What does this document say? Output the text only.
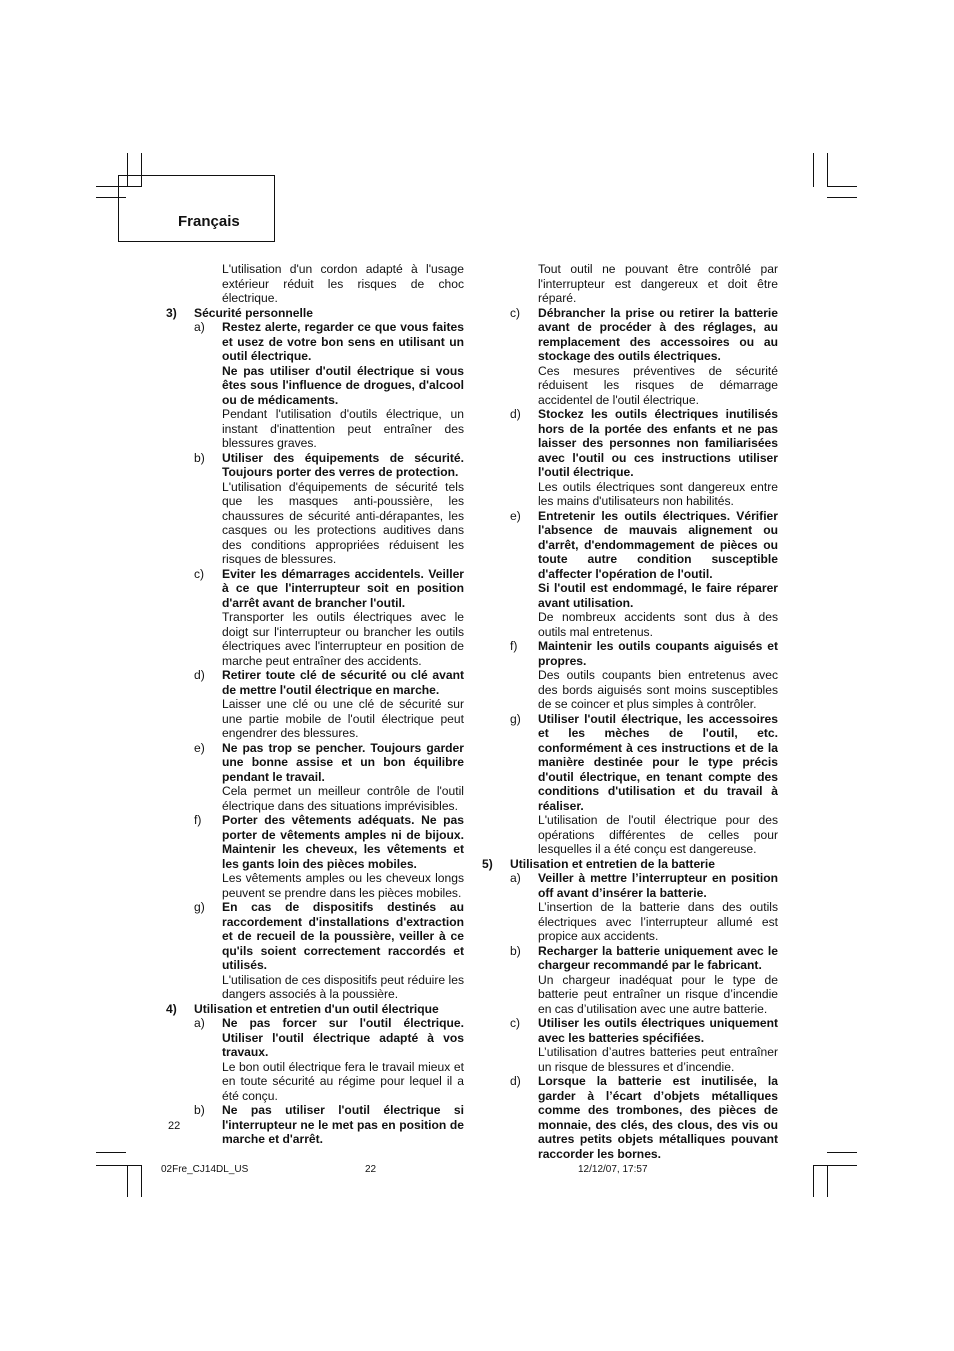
Français
L'utilisation d'un cordon adapté à l'usage extérieur réduit les risques de choc électrique.
3) Sécurité personnelle
a) Restez alerte, regarder ce que vous faites et usez de votre bon sens en utilisant un outil électrique.
Ne pas utiliser d'outil électrique si vous êtes sous l'influence de drogues, d'alcool ou de médicaments.
Pendant l'utilisation d'outils électrique, un instant d'inattention peut entraîner des blessures graves.
b) Utiliser des équipements de sécurité. Toujours porter des verres de protection.
L'utilisation d'équipements de sécurité tels que les masques anti-poussière, les chaussures de sécurité anti-dérapantes, les casques ou les protections auditives dans des conditions appropriées réduisent les risques de blessures.
c) Eviter les démarrages accidentels. Veiller à ce que l'interrupteur soit en position d'arrêt avant de brancher l'outil.
Transporter les outils électriques avec le doigt sur l'interrupteur ou brancher les outils électriques avec l'interrupteur en position de marche peut entraîner des accidents.
d) Retirer toute clé de sécurité ou clé avant de mettre l'outil électrique en marche.
Laisser une clé ou une clé de sécurité sur une partie mobile de l'outil électrique peut engendrer des blessures.
e) Ne pas trop se pencher. Toujours garder une bonne assise et un bon équilibre pendant le travail.
Cela permet un meilleur contrôle de l'outil électrique dans des situations imprévisibles.
f) Porter des vêtements adéquats. Ne pas porter de vêtements amples ni de bijoux. Maintenir les cheveux, les vêtements et les gants loin des pièces mobiles.
Les vêtements amples ou les cheveux longs peuvent se prendre dans les pièces mobiles.
g) En cas de dispositifs destinés au raccordement d'installations d'extraction et de recueil de la poussière, veiller à ce qu'ils soient correctement raccordés et utilisés.
L'utilisation de ces dispositifs peut réduire les dangers associés à la poussière.
4) Utilisation et entretien d'un outil électrique
a) Ne pas forcer sur l'outil électrique. Utiliser l'outil électrique adapté à vos travaux.
Le bon outil électrique fera le travail mieux et en toute sécurité au régime pour lequel il a été conçu.
b) Ne pas utiliser l'outil électrique si l'interrupteur ne le met pas en position de marche et d'arrêt.
Tout outil ne pouvant être contrôlé par l'interrupteur est dangereux et doit être réparé.
c) Débrancher la prise ou retirer la batterie avant de procéder à des réglages, au remplacement des accessoires ou au stockage des outils électriques.
Ces mesures préventives de sécurité réduisent les risques de démarrage accidentel de l'outil électrique.
d) Stockez les outils électriques inutilisés hors de la portée des enfants et ne pas laisser des personnes non familiarisées avec l'outil ou ces instructions utiliser l'outil électrique.
Les outils électriques sont dangereux entre les mains d'utilisateurs non habilités.
e) Entretenir les outils électriques. Vérifier l'absence de mauvais alignement ou d'arrêt, d'endommagement de pièces ou toute autre condition susceptible d'affecter l'opération de l'outil.
Si l'outil est endommagé, le faire réparer avant utilisation.
De nombreux accidents sont dus à des outils mal entretenus.
f) Maintenir les outils coupants aiguisés et propres.
Des outils coupants bien entretenus avec des bords aiguisés sont moins susceptibles de se coincer et plus simples à contrôler.
g) Utiliser l'outil électrique, les accessoires et les mèches de l'outil, etc. conformément à ces instructions et de la manière destinée pour le type précis d'outil électrique, en tenant compte des conditions d'utilisation et du travail à réaliser.
L'utilisation de l'outil électrique pour des opérations différentes de celles pour lesquelles il a été conçu est dangereuse.
5) Utilisation et entretien de la batterie
a) Veiller à mettre l’interrupteur en position off avant d’insérer la batterie.
L’insertion de la batterie dans des outils électriques avec l’interrupteur allumé est propice aux accidents.
b) Recharger la batterie uniquement avec le chargeur recommandé par le fabricant.
Un chargeur inadéquat pour le type de batterie peut entraîner un risque d’incendie en cas d’utilisation avec une autre batterie.
c) Utiliser les outils électriques uniquement avec les batteries spécifiées.
L’utilisation d’autres batteries peut entraîner un risque de blessures et d’incendie.
d) Lorsque la batterie est inutilisée, la garder à l’écart d’objets métalliques comme des trombones, des pièces de monnaie, des clés, des clous, des vis ou autres petits objets métalliques pouvant raccorder les bornes.
22
02Fre_CJ14DL_US	22	12/12/07, 17:57
